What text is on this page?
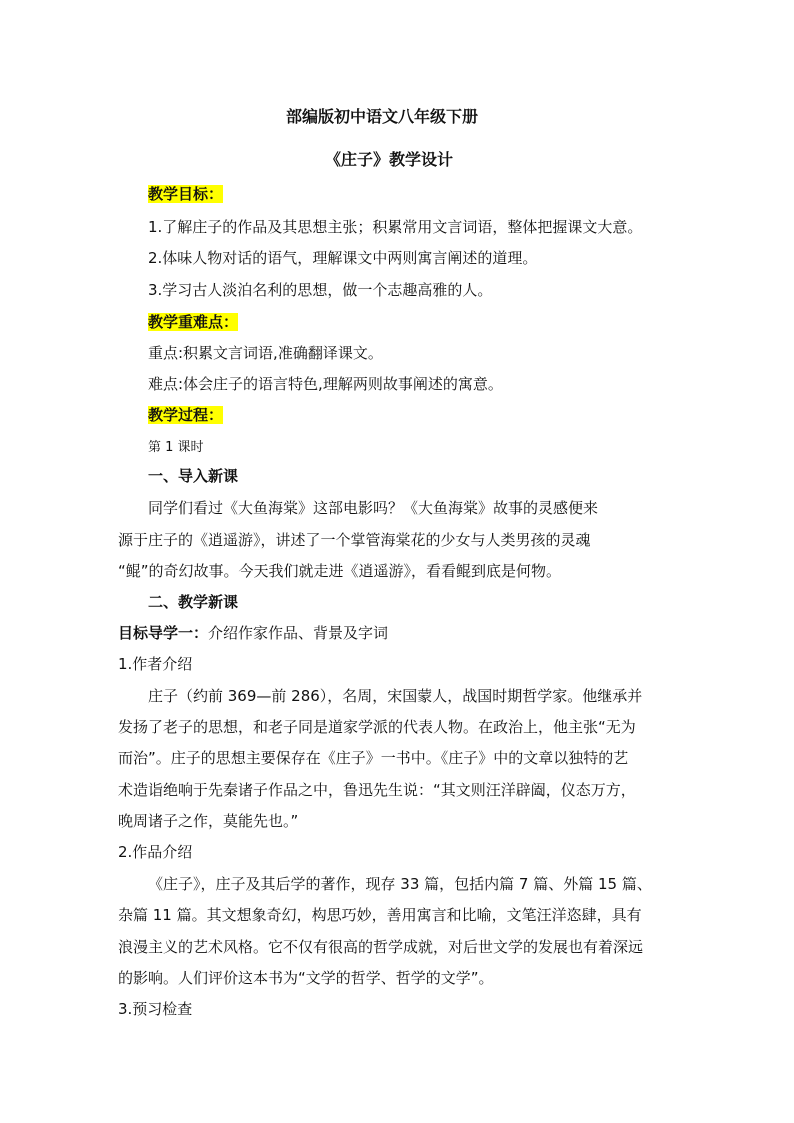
部编版初中语文八年级下册
《庄子》教学设计
教学目标：
1.了解庄子的作品及其思想主张；积累常用文言词语，整体把握课文大意。
2.体味人物对话的语气，理解课文中两则寓言阐述的道理。
3.学习古人淡泊名利的思想，做一个志趣高雅的人。
教学重难点：
重点:积累文言词语,准确翻译课文。
难点:体会庄子的语言特色,理解两则故事阐述的寓意。
教学过程：
第 1 课时
一、导入新课
同学们看过《大鱼海棠》这部电影吗？《大鱼海棠》故事的灵感便来
源于庄子的《逍遥游》，讲述了一个掌管海棠花的少女与人类男孩的灵魂
“鲲”的奇幻故事。今天我们就走进《逍遥游》，看看鲲到底是何物。
二、教学新课
目标导学一：介绍作家作品、背景及字词
1.作者介绍
庄子（约前 369—前 286），名周，宋国蒙人，战国时期哲学家。他继承并
发扬了老子的思想，和老子同是道家学派的代表人物。在政治上，他主张“无为
而治”。庄子的思想主要保存在《庄子》一书中。《庄子》中的文章以独特的艺
术造诣绝响于先秦诸子作品之中，鲁迅先生说：“其文则汪洋辟阖，仪态万方，
晚周诸子之作，莫能先也。”
2.作品介绍
《庄子》，庄子及其后学的著作，现存 33 篇，包括内篇 7 篇、外篇 15 篇、
杂篇 11 篇。其文想象奇幻，构思巧妙，善用寓言和比喻，文笔汪洋恣肆，具有
浪漫主义的艺术风格。它不仅有很高的哲学成就，对后世文学的发展也有着深远
的影响。人们评价这本书为“文学的哲学、哲学的文学”。
3.预习检查
